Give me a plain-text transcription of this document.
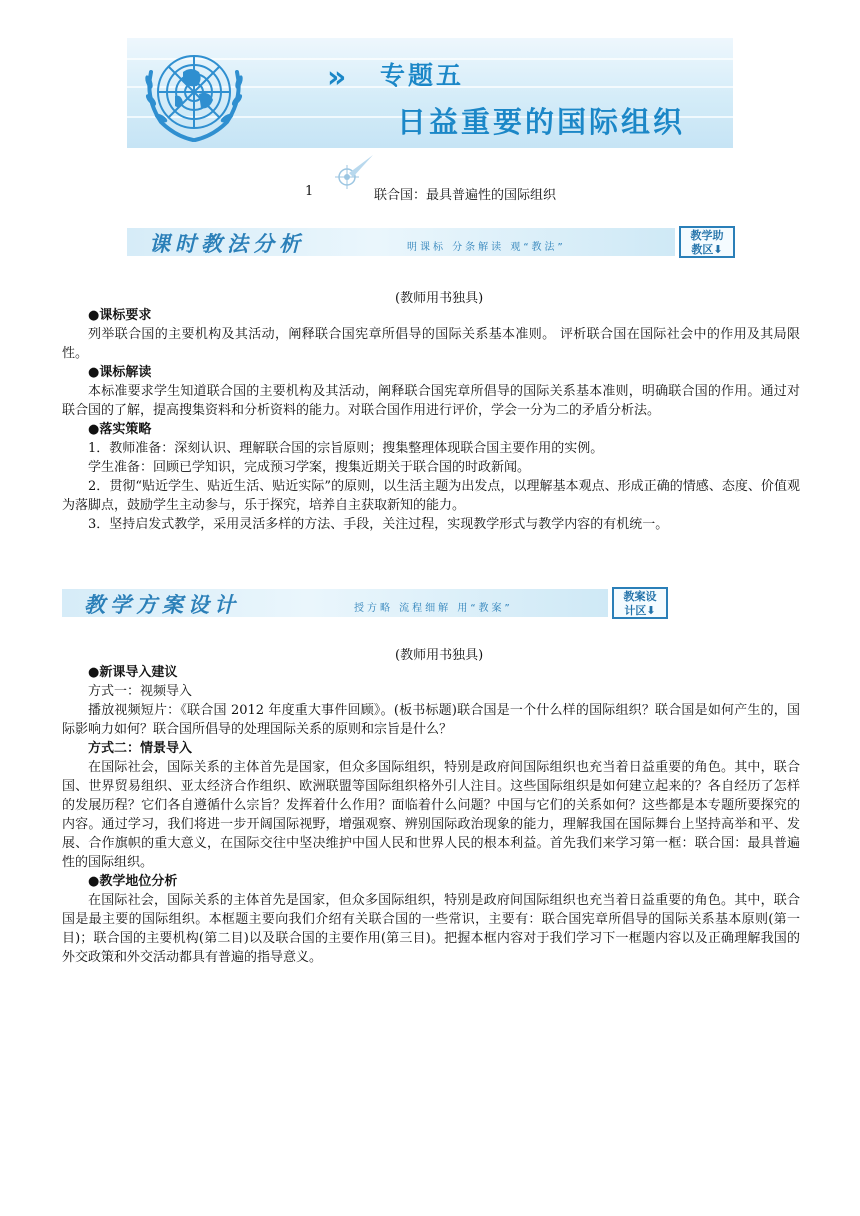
» 专题五
日益重要的国际组织
1	联合国：最具普遍性的国际组织
课时教法分析	明课标 分条解读 观“教法”
教学助
教区⬇
(教师用书独具)
●课标要求

列举联合国的主要机构及其活动，阐释联合国宪章所倡导的国际关系基本准则。 评析联合国在国际社会中的作用及其局限性。

●课标解读

本标准要求学生知道联合国的主要机构及其活动，阐释联合国宪章所倡导的国际关系基本准则，明确联合国的作用。通过对联合国的了解，提高搜集资料和分析资料的能力。对联合国作用进行评价，学会一分为二的矛盾分析法。

●落实策略

1．教师准备：深刻认识、理解联合国的宗旨原则；搜集整理体现联合国主要作用的实例。

学生准备：回顾已学知识，完成预习学案，搜集近期关于联合国的时政新闻。

2．贯彻“贴近学生、贴近生活、贴近实际”的原则，以生活主题为出发点，以理解基本观点、形成正确的情感、态度、价值观为落脚点，鼓励学生主动参与，乐于探究，培养自主获取新知的能力。

3．坚持启发式教学，采用灵活多样的方法、手段，关注过程，实现教学形式与教学内容的有机统一。

教学方案设计	授方略 流程细解 用“教案”
教案设
计区⬇
(教师用书独具)
●新课导入建议

方式一：视频导入

播放视频短片：《联合国 2012 年度重大事件回顾》。(板书标题)联合国是一个什么样的国际组织？联合国是如何产生的，国际影响力如何？联合国所倡导的处理国际关系的原则和宗旨是什么？

方式二：情景导入

在国际社会，国际关系的主体首先是国家，但众多国际组织，特别是政府间国际组织也充当着日益重要的角色。其中，联合国、世界贸易组织、亚太经济合作组织、欧洲联盟等国际组织格外引人注目。这些国际组织是如何建立起来的？各自经历了怎样的发展历程？它们各自遵循什么宗旨？发挥着什么作用？面临着什么问题？中国与它们的关系如何？这些都是本专题所要探究的内容。通过学习，我们将进一步开阔国际视野，增强观察、辨别国际政治现象的能力，理解我国在国际舞台上坚持高举和平、发展、合作旗帜的重大意义，在国际交往中坚决维护中国人民和世界人民的根本利益。首先我们来学习第一框：联合国：最具普遍性的国际组织。

●教学地位分析

在国际社会，国际关系的主体首先是国家，但众多国际组织，特别是政府间国际组织也充当着日益重要的角色。其中，联合国是最主要的国际组织。本框题主要向我们介绍有关联合国的一些常识，主要有：联合国宪章所倡导的国际关系基本原则(第一目)；联合国的主要机构(第二目)以及联合国的主要作用(第三目)。把握本框内容对于我们学习下一框题内容以及正确理解我国的外交政策和外交活动都具有普遍的指导意义。
